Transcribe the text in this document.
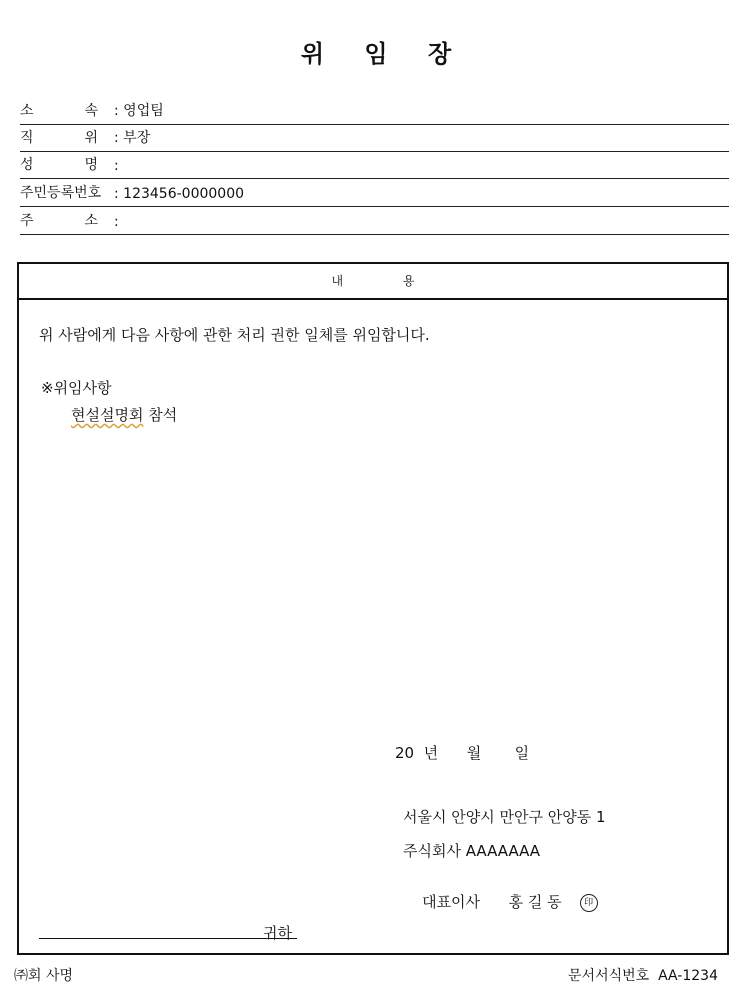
위 임 장
소 속 : 영업팀
직 위 : 부장
성 명 :
주민등록번호 : 123456-0000000
주 소 :
내 용
위 사람에게 다음 사항에 관한 처리 권한 일체를 위임합니다.
※위임사항
현설설명회 참석
20  년      월       일
서울시 안양시 만안구 안양동 1
주식회사 AAAAAAA

대표이사      홍 길 동 印

귀하
㈜회 사명	문서서식번호  AA-1234
